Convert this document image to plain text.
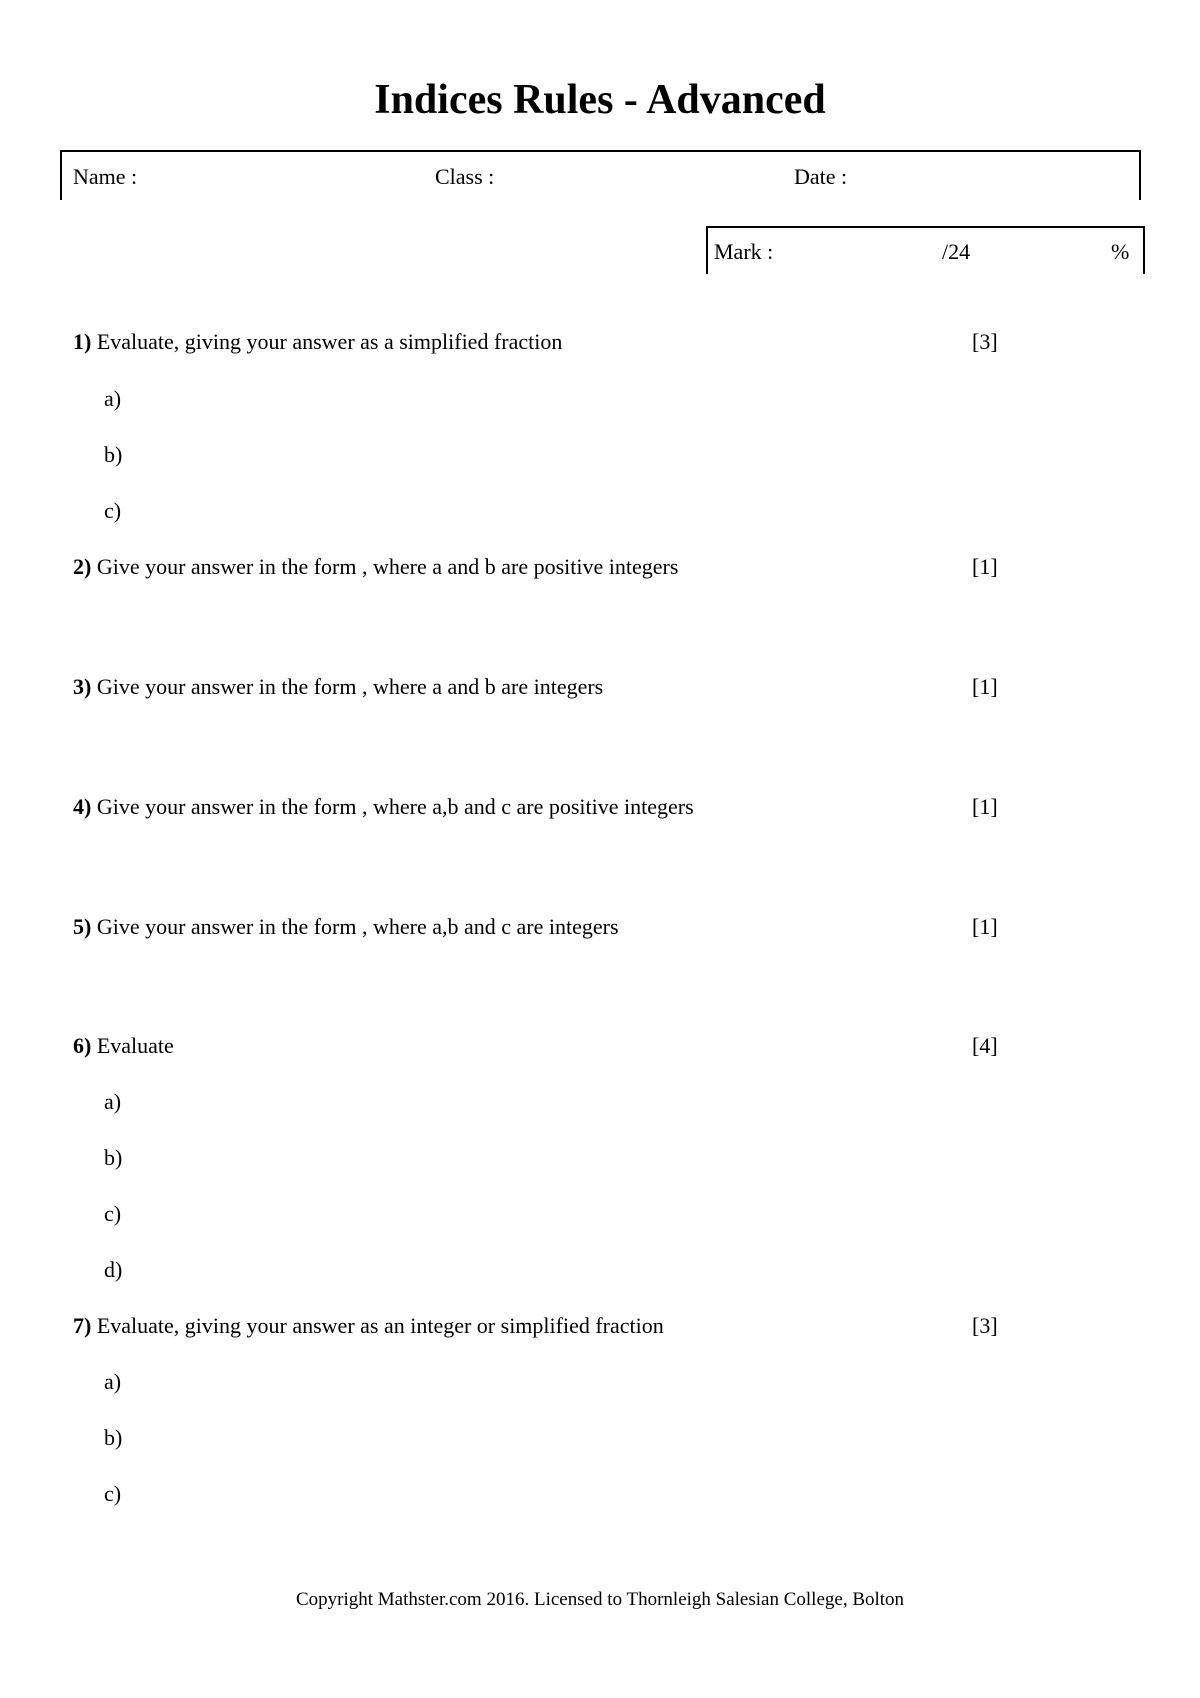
Indices Rules - Advanced
Name :	Class :	Date :
Mark :	/24	%
1) Evaluate, giving your answer as a simplified fraction	[3]
a)
b)
c)
2) Give your answer in the form , where a and b are positive integers	[1]
3) Give your answer in the form , where a and b are integers	[1]
4) Give your answer in the form , where a,b and c are positive integers	[1]
5) Give your answer in the form , where a,b and c are integers	[1]
6) Evaluate	[4]
a)
b)
c)
d)
7) Evaluate, giving your answer as an integer or simplified fraction	[3]
a)
b)
c)
Copyright Mathster.com 2016. Licensed to Thornleigh Salesian College, Bolton
